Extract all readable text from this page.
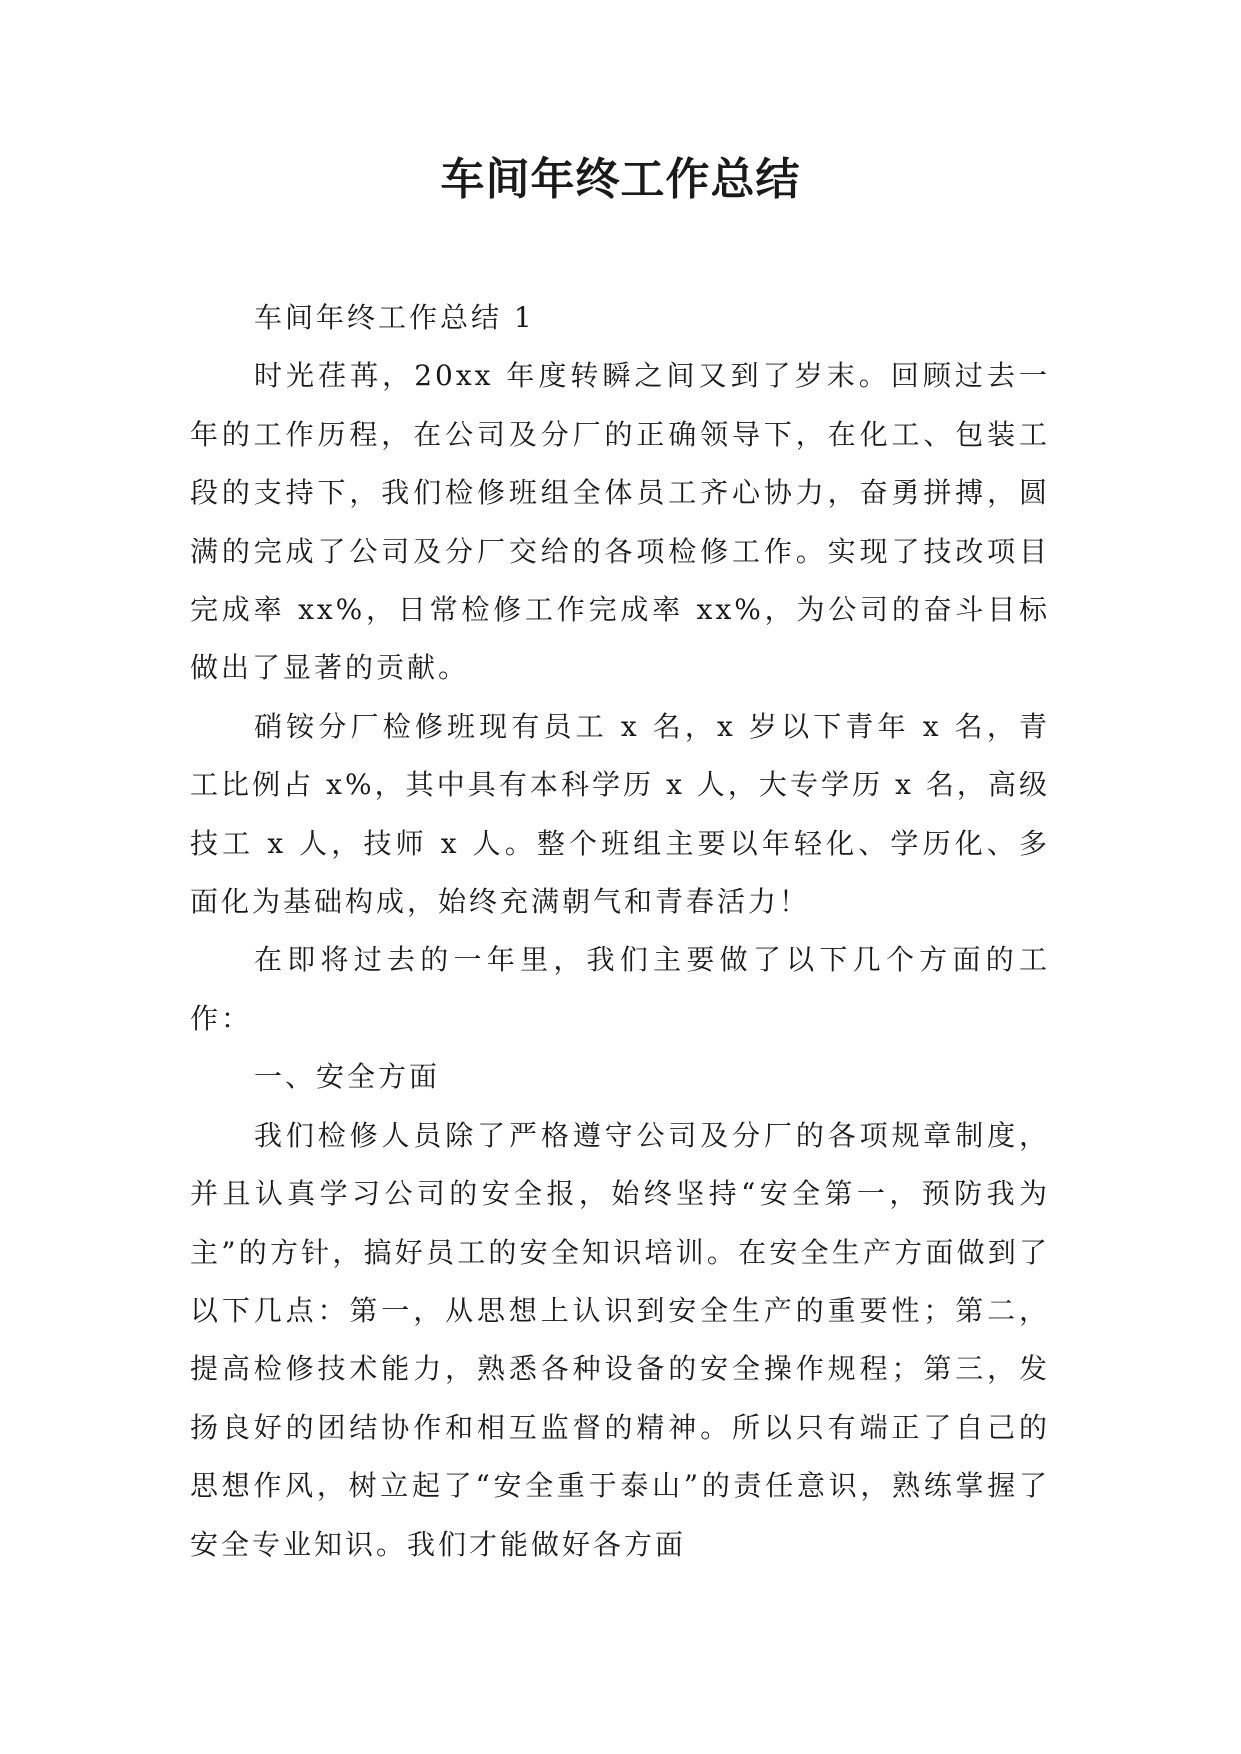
车间年终工作总结

车间年终工作总结 1

时光荏苒，20xx 年度转瞬之间又到了岁末。回顾过去一年的工作历程，在公司及分厂的正确领导下，在化工、包装工段的支持下，我们检修班组全体员工齐心协力，奋勇拼搏，圆满的完成了公司及分厂交给的各项检修工作。实现了技改项目完成率 xx%，日常检修工作完成率 xx%，为公司的奋斗目标做出了显著的贡献。

硝铵分厂检修班现有员工 x 名，x 岁以下青年 x 名，青工比例占 x%，其中具有本科学历 x 人，大专学历 x 名，高级技工 x 人，技师 x 人。整个班组主要以年轻化、学历化、多面化为基础构成，始终充满朝气和青春活力！

在即将过去的一年里，我们主要做了以下几个方面的工作：

一、安全方面

我们检修人员除了严格遵守公司及分厂的各项规章制度，并且认真学习公司的安全报，始终坚持“安全第一，预防我为主”的方针，搞好员工的安全知识培训。在安全生产方面做到了以下几点：第一，从思想上认识到安全生产的重要性；第二，提高检修技术能力，熟悉各种设备的安全操作规程；第三，发扬良好的团结协作和相互监督的精神。所以只有端正了自己的思想作风，树立起了“安全重于泰山”的责任意识，熟练掌握了安全专业知识。我们才能做好各方面
